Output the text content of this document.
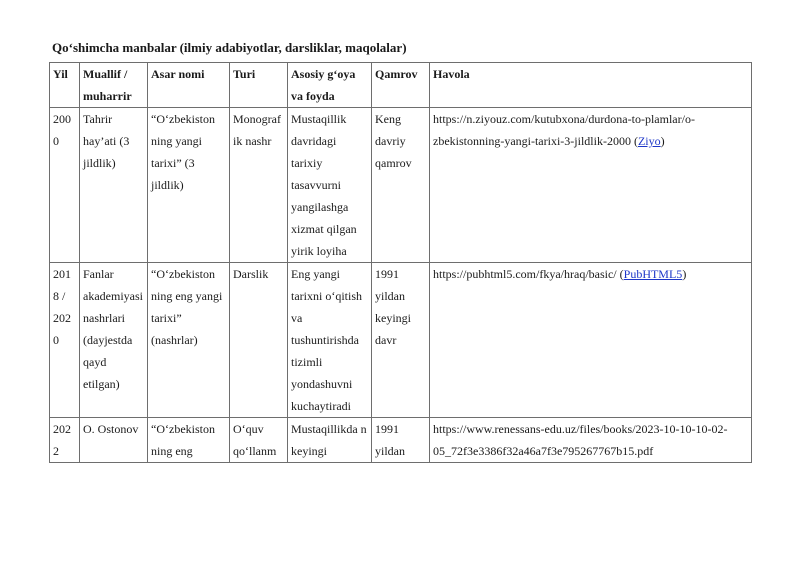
Qo‘shimcha manbalar (ilmiy adabiyotlar, darsliklar, maqolalar)
Yil	Muallif / muharrir	Asar nomi	Turi	Asosiy g‘oya va foyda	Qamrov	Havola
2000	Tahrir hay’ati (3 jildlik)	“O‘zbekiston ning yangi tarixi” (3 jildlik)	Monografik nashr	Mustaqillik davridagi tarixiy tasavvurni yangilashga xizmat qilgan yirik loyiha	Keng davriy qamrov	https://n.ziyouz.com/kutubxona/durdona-to-plamlar/o-zbekistonning-yangi-tarixi-3-jildlik-2000 (Ziyo)
2018 / 2020	Fanlar akademiyasi nashrlari (dayjestda qayd etilgan)	“O‘zbekiston ning eng yangi tarixi” (nashrlar)	Darslik	Eng yangi tarixni o‘qitish va tushuntirishda tizimli yondashuvni kuchaytiradi	1991 yildan keyingi davr	https://pubhtml5.com/fkya/hraq/basic/ (PubHTML5)

2022	O. Ostonov	“O‘zbekiston ning eng	O‘quv qo‘llanm	Mustaqillikda n keyingi	1991 yildan	https://www.renessans-edu.uz/files/books/2023-10-10-10-02-05_72f3e3386f32a46a7f3e795267767b15.pdf
